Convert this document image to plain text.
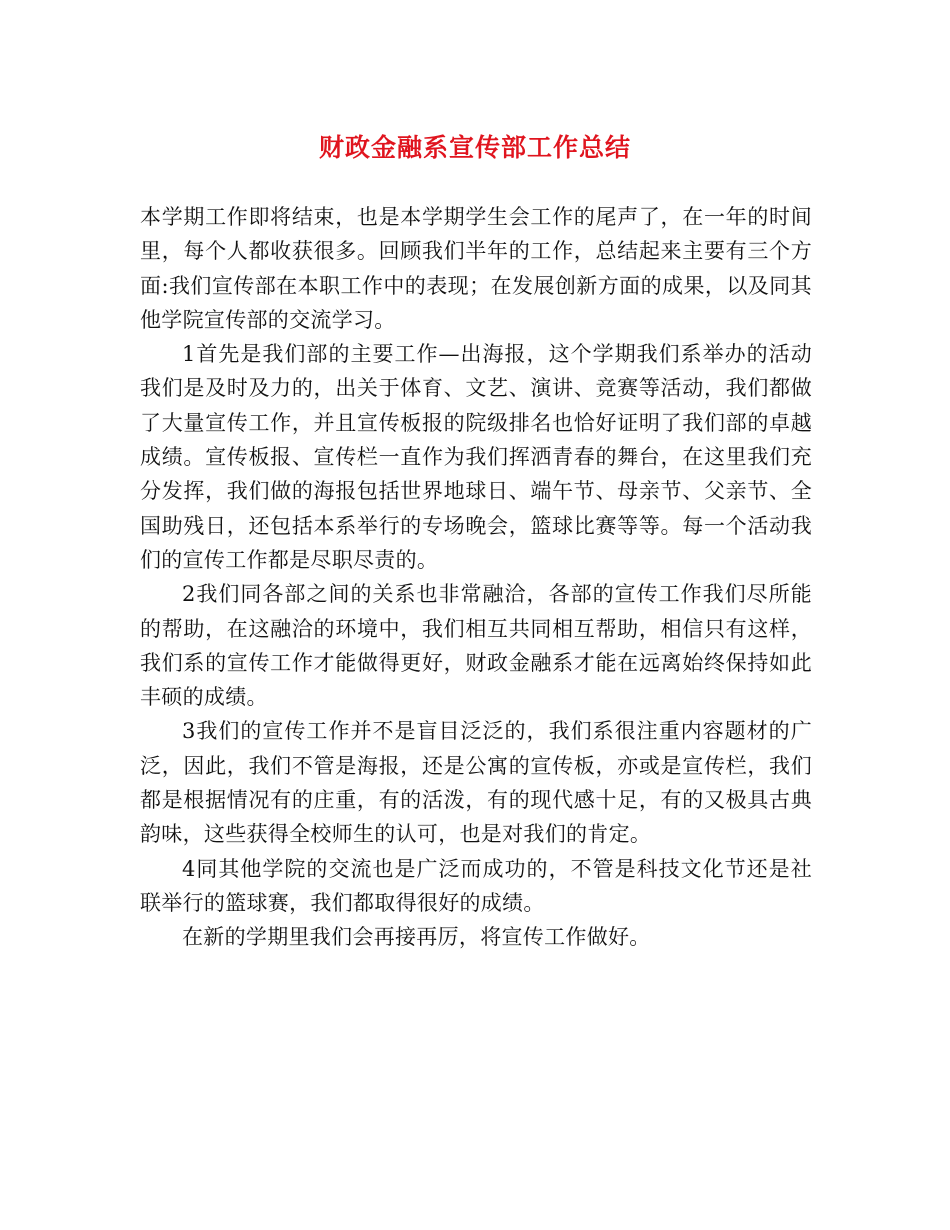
财政金融系宣传部工作总结

本学期工作即将结束，也是本学期学生会工作的尾声了，在一年的时间里，每个人都收获很多。回顾我们半年的工作，总结起来主要有三个方面:我们宣传部在本职工作中的表现；在发展创新方面的成果，以及同其他学院宣传部的交流学习。

1首先是我们部的主要工作—出海报，这个学期我们系举办的活动我们是及时及力的，出关于体育、文艺、演讲、竞赛等活动，我们都做了大量宣传工作，并且宣传板报的院级排名也恰好证明了我们部的卓越成绩。宣传板报、宣传栏一直作为我们挥洒青春的舞台，在这里我们充分发挥，我们做的海报包括世界地球日、端午节、母亲节、父亲节、全国助残日，还包括本系举行的专场晚会，篮球比赛等等。每一个活动我们的宣传工作都是尽职尽责的。

2我们同各部之间的关系也非常融洽，各部的宣传工作我们尽所能的帮助，在这融洽的环境中，我们相互共同相互帮助，相信只有这样，我们系的宣传工作才能做得更好，财政金融系才能在远离始终保持如此丰硕的成绩。

3我们的宣传工作并不是盲目泛泛的，我们系很注重内容题材的广泛，因此，我们不管是海报，还是公寓的宣传板，亦或是宣传栏，我们都是根据情况有的庄重，有的活泼，有的现代感十足，有的又极具古典韵味，这些获得全校师生的认可，也是对我们的肯定。

4同其他学院的交流也是广泛而成功的，不管是科技文化节还是社联举行的篮球赛，我们都取得很好的成绩。

在新的学期里我们会再接再厉，将宣传工作做好。
